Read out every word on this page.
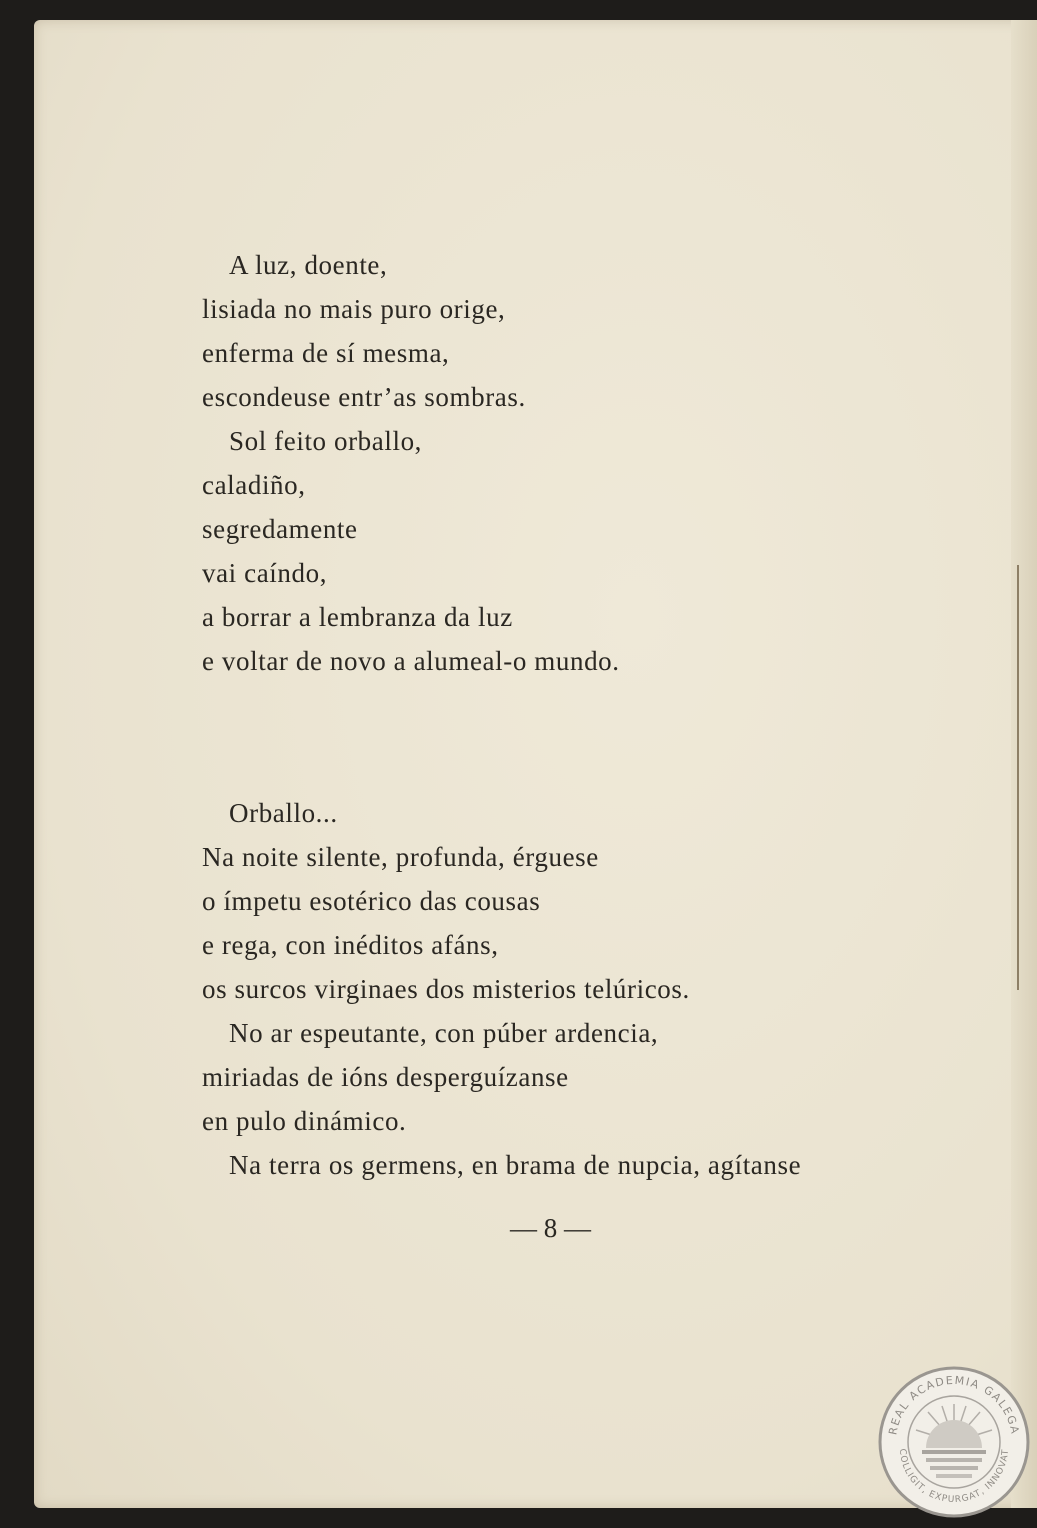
A luz, doente,
lisiada no mais puro orige,
enferma de sí mesma,
escondeuse entr’as sombras.
Sol feito orballo,
caladiño,
segredamente
vai caíndo,
a borrar a lembranza da luz
e voltar de novo a alumeal-o mundo.
Orballo...
Na noite silente, profunda, érguese
o ímpetu esotérico das cousas
e rega, con inéditos afáns,
os surcos virginaes dos misterios telúricos.
No ar espeutante, con púber ardencia,
miriadas de ións desperguízanse
en pulo dinámico.
Na terra os germens, en brama de nupcia, agítanse
— 8 —
REAL ACADEMIA GALEGA
COLLIGIT, EXPURGAT, INNOVAT
